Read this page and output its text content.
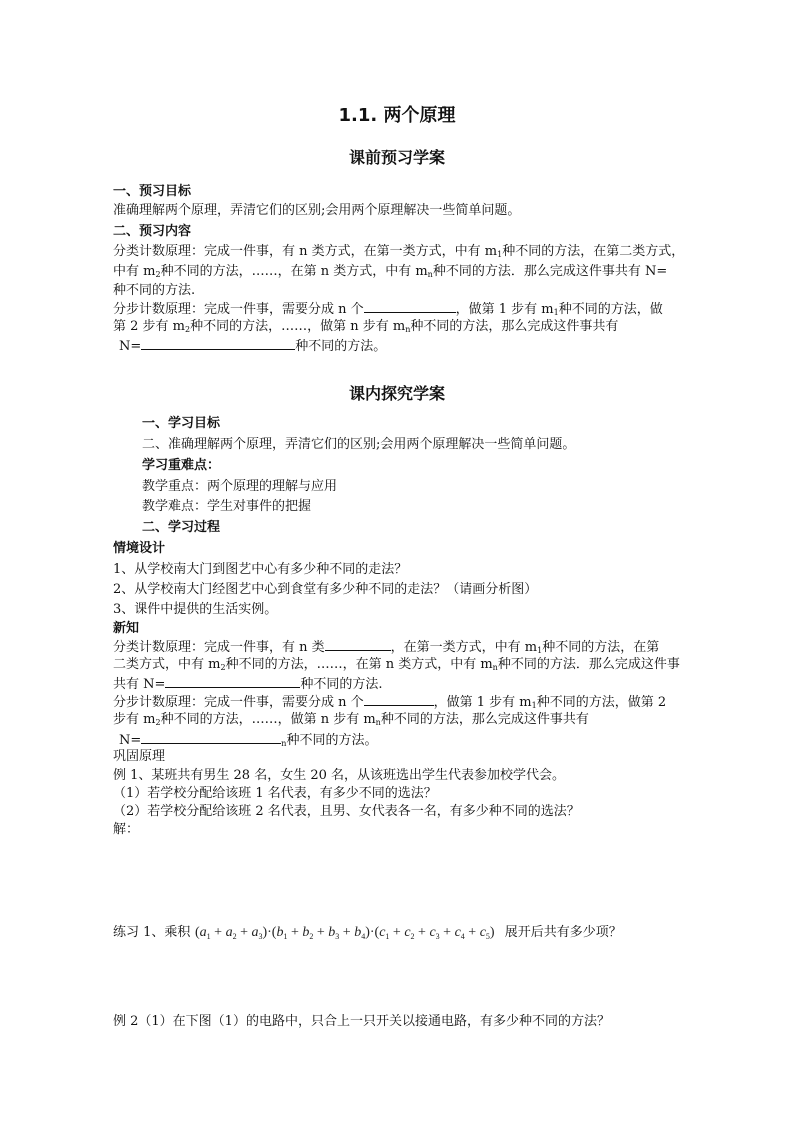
1.1. 两个原理
课前预习学案
一、预习目标
准确理解两个原理，弄清它们的区别;会用两个原理解决一些简单问题。
二、预习内容
分类计数原理：完成一件事，有 n 类方式，在第一类方式，中有 $m_1$种不同的方法，在第二类方式，
中有 $m_2$种不同的方法，……，在第 n 类方式，中有 $m_n$种不同的方法．那么完成这件事共有 N=
种不同的方法.
分步计数原理：完成一件事，需要分成 n 个	，做第 1 步有 $m_1$种不同的方法，做
第 2 步有 $m_2$种不同的方法，……，做第 n 步有 $m_n$种不同的方法，那么完成这件事共有
N=	种不同的方法。
课内探究学案
一、学习目标
二、准确理解两个原理，弄清它们的区别;会用两个原理解决一些简单问题。
学习重难点：
教学重点：两个原理的理解与应用
教学难点：学生对事件的把握
二、学习过程
情境设计
1、从学校南大门到图艺中心有多少种不同的走法？
2、从学校南大门经图艺中心到食堂有多少种不同的走法？（请画分析图）
3、课件中提供的生活实例。
新知
分类计数原理：完成一件事，有 n 类	，在第一类方式，中有 $m_1$种不同的方法，在第
二类方式，中有 $m_2$种不同的方法，……，在第 n 类方式，中有 $m_n$种不同的方法．那么完成这件事
共有 N=	种不同的方法.
分步计数原理：完成一件事，需要分成 n 个	，做第 1 步有 $m_1$种不同的方法，做第 2
步有 $m_2$种不同的方法，……，做第 n 步有 $m_n$种不同的方法，那么完成这件事共有
N=	$_n$种不同的方法。
巩固原理
例 1、某班共有男生 28 名，女生 20 名，从该班选出学生代表参加校学代会。
（1）若学校分配给该班 1 名代表，有多少不同的选法？
（2）若学校分配给该班 2 名代表，且男、女代表各一名，有多少种不同的选法？
解：
练习 1、乘积 $(a_1 + a_2 + a_3)\cdot(b_1 + b_2 + b_3 + b_4)\cdot(c_1 + c_2 + c_3 + c_4 + c_5)$ 展开后共有多少项？
例 2（1）在下图（1）的电路中，只合上一只开关以接通电路，有多少种不同的方法？
